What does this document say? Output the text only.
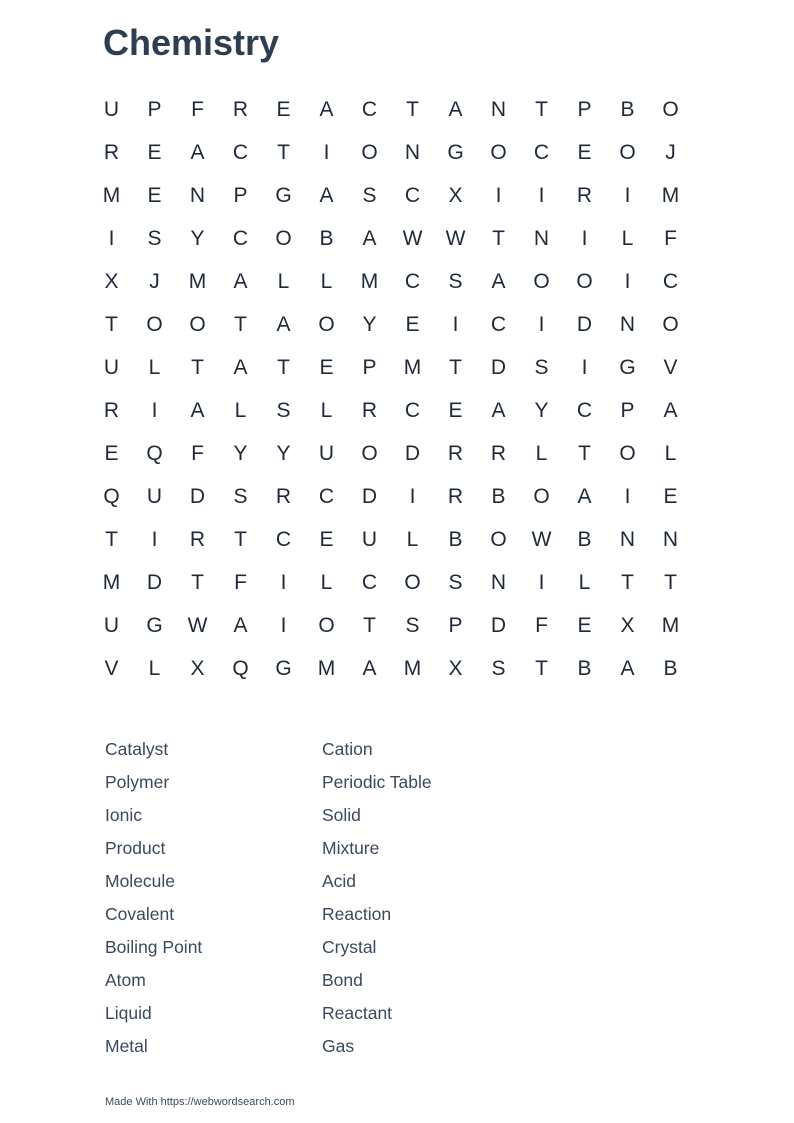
Chemistry
U	P	F	R	E	A	C	T	A	N	T	P	B	O
R	E	A	C	T	I	O	N	G	O	C	E	O	J
M	E	N	P	G	A	S	C	X	I	I	R	I	M
I	S	Y	C	O	B	A	W	W	T	N	I	L	F
X	J	M	A	L	L	M	C	S	A	O	O	I	C
T	O	O	T	A	O	Y	E	I	C	I	D	N	O
U	L	T	A	T	E	P	M	T	D	S	I	G	V
R	I	A	L	S	L	R	C	E	A	Y	C	P	A
E	Q	F	Y	Y	U	O	D	R	R	L	T	O	L
Q	U	D	S	R	C	D	I	R	B	O	A	I	E
T	I	R	T	C	E	U	L	B	O	W	B	N	N
M	D	T	F	I	L	C	O	S	N	I	L	T	T
U	G	W	A	I	O	T	S	P	D	F	E	X	M
V	L	X	Q	G	M	A	M	X	S	T	B	A	B
Catalyst	Cation
Polymer	Periodic Table
Ionic	Solid
Product	Mixture
Molecule	Acid
Covalent	Reaction
Boiling Point	Crystal
Atom	Bond
Liquid	Reactant
Metal	Gas
Made With https://webwordsearch.com
